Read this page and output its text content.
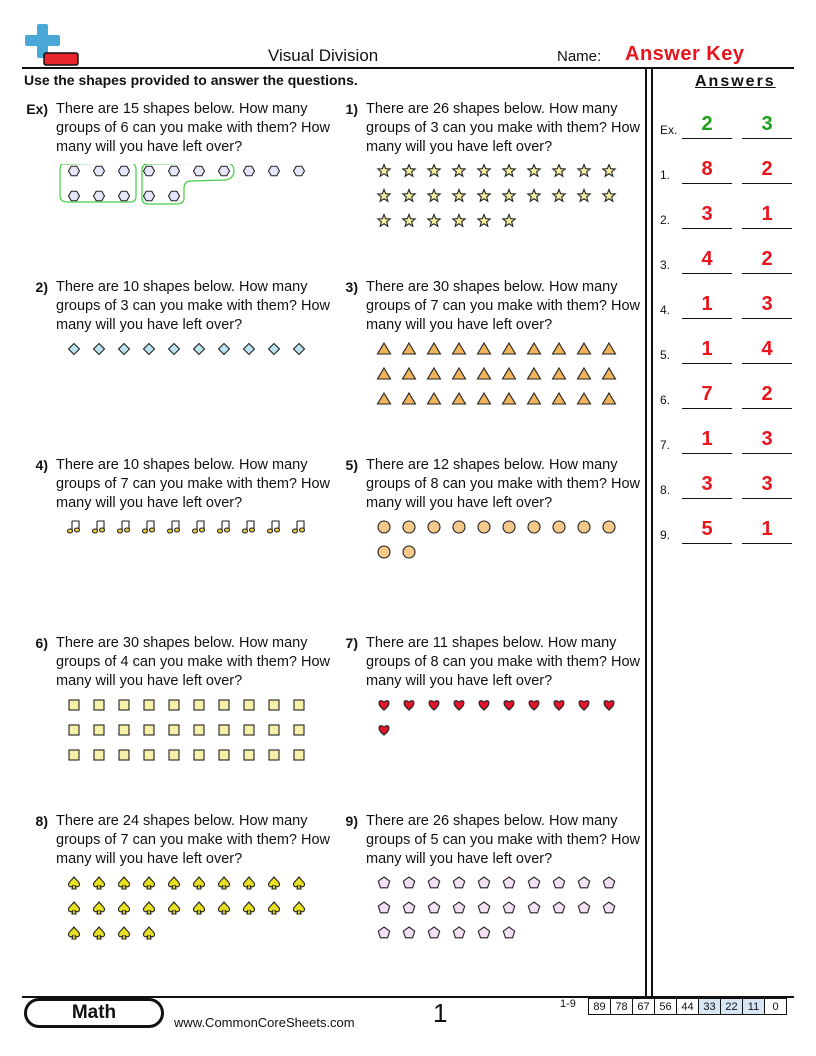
Visual Division	Name: Answer Key
Use the shapes provided to answer the questions.	Answers
Ex.	2	3
1.	8	2
2.	3	1
3.	4	2
4.	1	3
5.	1	4
6.	7	2
7.	1	3
8.	3	3
9.	5	1
Ex) There are 15 shapes below. How many groups of 6 can you make with them? How many will you have left over?
1) There are 26 shapes below. How many groups of 3 can you make with them? How many will you have left over?
2) There are 10 shapes below. How many groups of 3 can you make with them? How many will you have left over?
3) There are 30 shapes below. How many groups of 7 can you make with them? How many will you have left over?
4) There are 10 shapes below. How many groups of 7 can you make with them? How many will you have left over?
5) There are 12 shapes below. How many groups of 8 can you make with them? How many will you have left over?
6) There are 30 shapes below. How many groups of 4 can you make with them? How many will you have left over?
7) There are 11 shapes below. How many groups of 8 can you make with them? How many will you have left over?
8) There are 24 shapes below. How many groups of 7 can you make with them? How many will you have left over?
9) There are 26 shapes below. How many groups of 5 can you make with them? How many will you have left over?
Math	www.CommonCoreSheets.com	1	1-9 89	78	67	56	44	33	22	11	0
